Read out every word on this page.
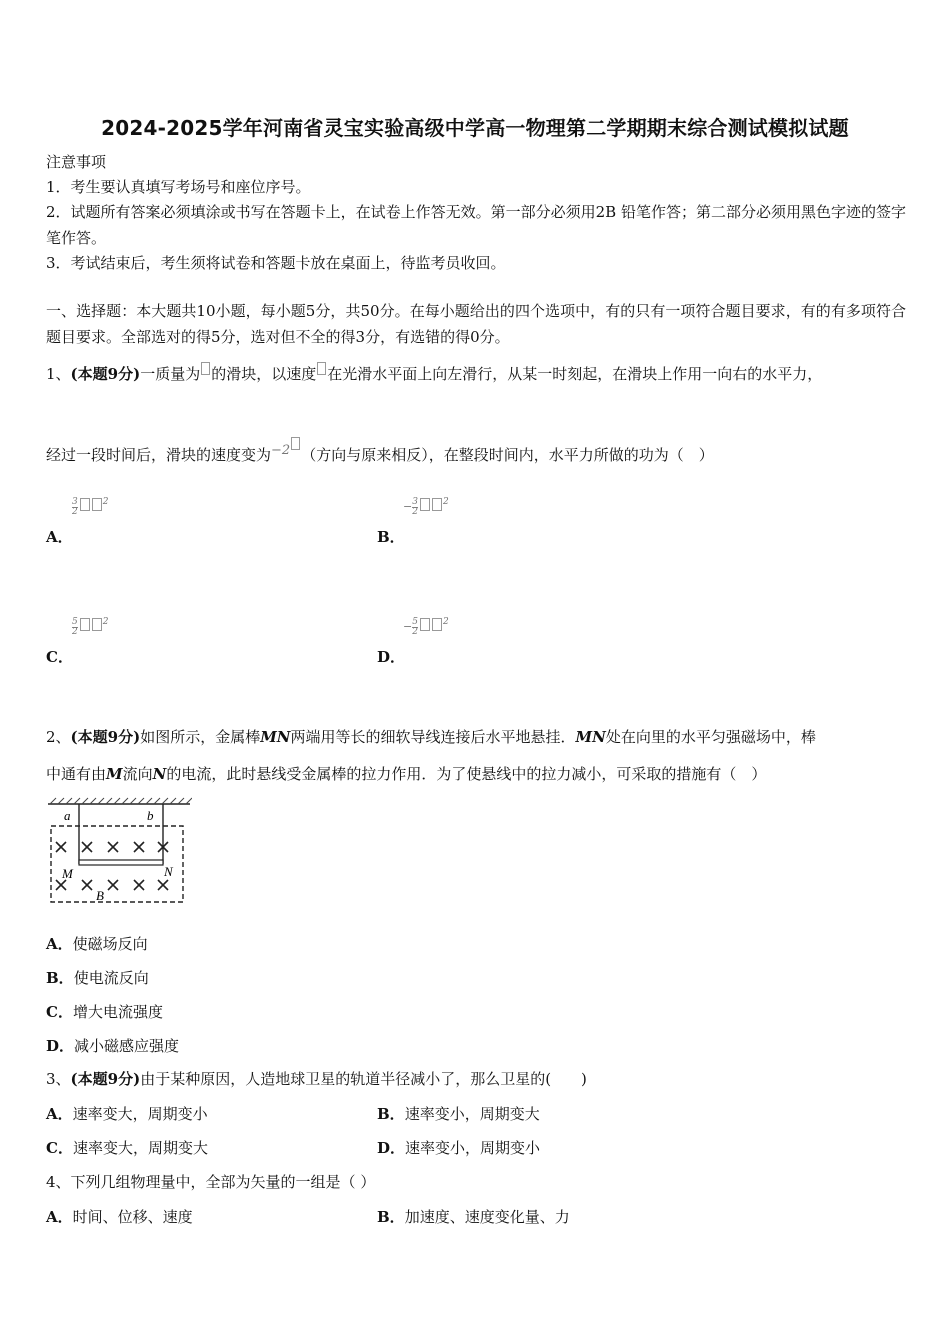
2024-2025学年河南省灵宝实验高级中学高一物理第二学期期末综合测试模拟试题
注意事项
1．考生要认真填写考场号和座位序号。
2．试题所有答案必须填涂或书写在答题卡上，在试卷上作答无效。第一部分必须用2B 铅笔作答；第二部分必须用黑色字迹的签字笔作答。
3．考试结束后，考生须将试卷和答题卡放在桌面上，待监考员收回。
一、选择题：本大题共10小题，每小题5分，共50分。在每小题给出的四个选项中，有的只有一项符合题目要求，有的有多项符合题目要求。全部选对的得5分，选对但不全的得3分，有选错的得0分。
1、(本题9分)一质量为 的滑块，以速度 在光滑水平面上向左滑行，从某一时刻起，在滑块上作用一向右的水平力，
经过一段时间后，滑块的速度变为−2 （方向与原来相反），在整段时间内，水平力所做的功为（　）
$\frac{3}{2}$	$^2$
A．
− $\frac{3}{2}$	$^2$
B．
$\frac{5}{2}$	$^2$
C．
− $\frac{5}{2}$	$^2$
D．
2、(本题9分)如图所示，金属棒MN两端用等长的细软导线连接后水平地悬挂．MN处在向里的水平匀强磁场中，棒
中通有由M流向N的电流，此时悬线受金属棒的拉力作用．为了使悬线中的拉力减小，可采取的措施有（　）
a	b
M	N
B
A．使磁场反向
B．使电流反向
C．增大电流强度
D．减小磁感应强度
3、(本题9分)由于某种原因，人造地球卫星的轨道半径减小了，那么卫星的(　　)
A．速率变大，周期变小	B．速率变小，周期变大
C．速率变大，周期变大	D．速率变小，周期变小
4、下列几组物理量中，全部为矢量的一组是（ ）
A．时间、位移、速度	B．加速度、速度变化量、力
